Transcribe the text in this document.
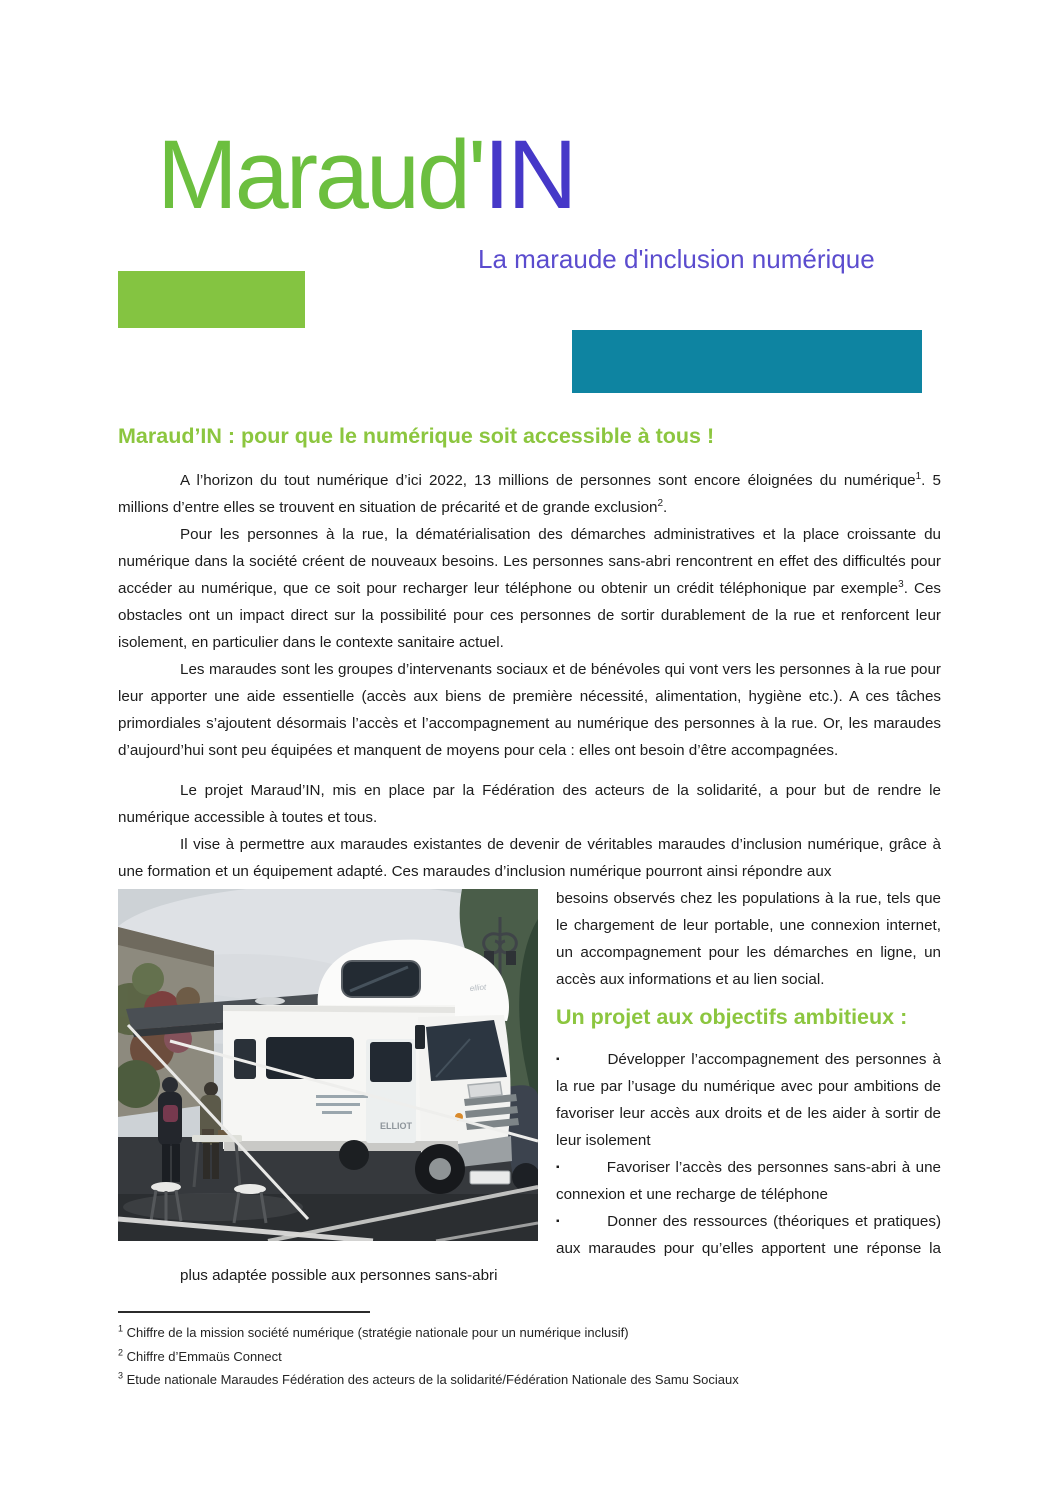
Maraud'IN
La maraude d'inclusion numérique
Maraud’IN : pour que le numérique soit accessible à tous !

A l’horizon du tout numérique d’ici 2022, 13 millions de personnes sont encore éloignées du numérique$^1$. 5 millions d’entre elles se trouvent en situation de précarité et de grande exclusion$^2$.

Pour les personnes à la rue, la dématérialisation des démarches administratives et la place croissante du numérique dans la société créent de nouveaux besoins. Les personnes sans-abri rencontrent en effet des difficultés pour accéder au numérique, que ce soit pour recharger leur téléphone ou obtenir un crédit téléphonique par exemple$^3$. Ces obstacles ont un impact direct sur la possibilité pour ces personnes de sortir durablement de la rue et renforcent leur isolement, en particulier dans le contexte sanitaire actuel.

Les maraudes sont les groupes d’intervenants sociaux et de bénévoles qui vont vers les personnes à la rue pour leur apporter une aide essentielle (accès aux biens de première nécessité, alimentation, hygiène etc.). A ces tâches primordiales s’ajoutent désormais l’accès et l’accompagnement au numérique des personnes à la rue. Or, les maraudes d’aujourd’hui sont peu équipées et manquent de moyens pour cela : elles ont besoin d’être accompagnées.

Le projet Maraud’IN, mis en place par la Fédération des acteurs de la solidarité, a pour but de rendre le numérique accessible à toutes et tous.

Il vise à permettre aux maraudes existantes de devenir de véritables maraudes d’inclusion numérique, grâce à une formation et un équipement adapté. Ces maraudes d’inclusion numérique pourront ainsi répondre aux

ELLIOT
elliot

besoins observés chez les populations à la rue, tels que le chargement de leur portable, une connexion internet, un accompagnement pour les démarches en ligne, un accès aux informations et au lien social.

Un projet aux objectifs ambitieux :
▪	Développer l’accompagnement des personnes à la rue par l’usage du numérique avec pour ambitions de favoriser leur accès aux droits et de les aider à sortir de leur isolement
▪	Favoriser l’accès des personnes sans-abri à une connexion et une recharge de téléphone
▪	Donner des ressources (théoriques et pratiques) aux maraudes pour qu’elles apportent une réponse la plus adaptée possible aux personnes sans-abri
$^1$ Chiffre de la mission société numérique (stratégie nationale pour un numérique inclusif)
$^2$ Chiffre d’Emmaüs Connect
$^3$ Etude nationale Maraudes Fédération des acteurs de la solidarité/Fédération Nationale des Samu Sociaux
